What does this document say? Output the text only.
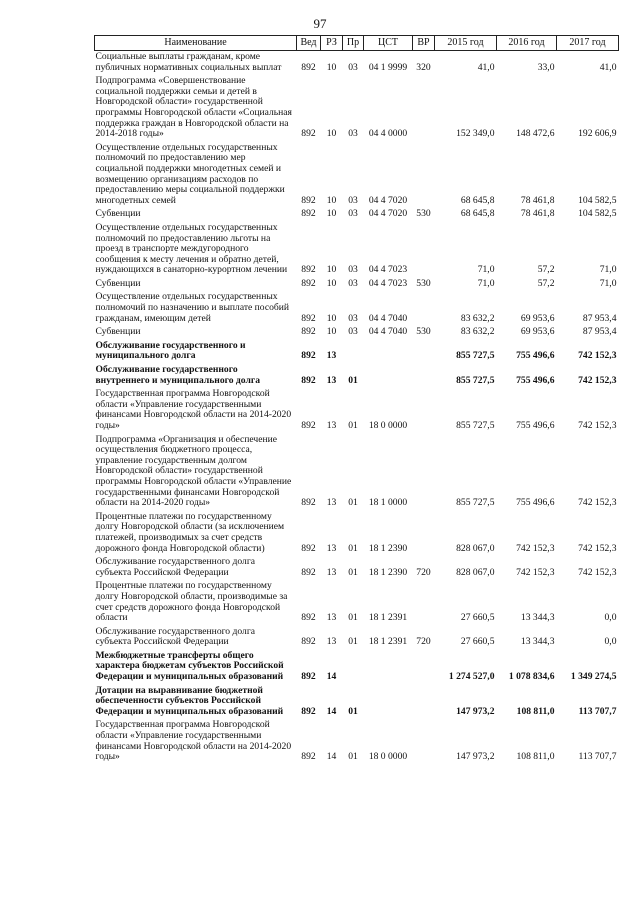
97
Наименование	Вед	РЗ	Пр	ЦСТ	ВР	2015 год	2016 год	2017 год
Социальные выплаты гражданам, кроме публичных нормативных социальных выплат	892	10	03	04 1 9999	320	41,0	33,0	41,0
Подпрограмма «Совершенствование социальной поддержки семьи и детей в Новгородской области» государственной программы Новгородской области «Социальная поддержка граждан в Новгородской области на 2014-2018 годы»	892	10	03	04 4 0000		152 349,0	148 472,6	192 606,9
Осуществление отдельных государственных полномочий по предоставлению мер социальной поддержки многодетных семей и возмещению организациям расходов по предоставлению меры социальной поддержки многодетных семей	892	10	03	04 4 7020		68 645,8	78 461,8	104 582,5
Субвенции	892	10	03	04 4 7020	530	68 645,8	78 461,8	104 582,5
Осуществление отдельных государственных полномочий по предоставлению льготы на проезд в транспорте междугородного сообщения к месту лечения и обратно детей, нуждающихся в санаторно-курортном лечении	892	10	03	04 4 7023		71,0	57,2	71,0
Субвенции	892	10	03	04 4 7023	530	71,0	57,2	71,0
Осуществление отдельных государственных полномочий по назначению и выплате пособий гражданам, имеющим детей	892	10	03	04 4 7040		83 632,2	69 953,6	87 953,4
Субвенции	892	10	03	04 4 7040	530	83 632,2	69 953,6	87 953,4
Обслуживание государственного и муниципального долга	892	13				855 727,5	755 496,6	742 152,3
Обслуживание государственного внутреннего и муниципального долга	892	13	01			855 727,5	755 496,6	742 152,3
Государственная программа Новгородской области «Управление государственными финансами Новгородской области на 2014-2020 годы»	892	13	01	18 0 0000		855 727,5	755 496,6	742 152,3
Подпрограмма «Организация и обеспечение осуществления бюджетного процесса, управление государственным долгом Новгородской области» государственной программы Новгородской области «Управление государственными финансами Новгородской области на 2014-2020 годы»	892	13	01	18 1 0000		855 727,5	755 496,6	742 152,3
Процентные платежи по государственному долгу Новгородской области (за исключением платежей, производимых за счет средств дорожного фонда Новгородской области)	892	13	01	18 1 2390		828 067,0	742 152,3	742 152,3
Обслуживание государственного долга субъекта Российской Федерации	892	13	01	18 1 2390	720	828 067,0	742 152,3	742 152,3
Процентные платежи по государственному долгу Новгородской области, производимые за счет средств дорожного фонда Новгородской области	892	13	01	18 1 2391		27 660,5	13 344,3	0,0
Обслуживание государственного долга субъекта Российской Федерации	892	13	01	18 1 2391	720	27 660,5	13 344,3	0,0
Межбюджетные трансферты общего характера бюджетам субъектов Российской Федерации и муниципальных образований	892	14				1 274 527,0	1 078 834,6	1 349 274,5
Дотации на выравнивание бюджетной обеспеченности субъектов Российской Федерации и муниципальных образований	892	14	01			147 973,2	108 811,0	113 707,7
Государственная программа Новгородской области «Управление государственными финансами Новгородской области на 2014-2020 годы»	892	14	01	18 0 0000		147 973,2	108 811,0	113 707,7
